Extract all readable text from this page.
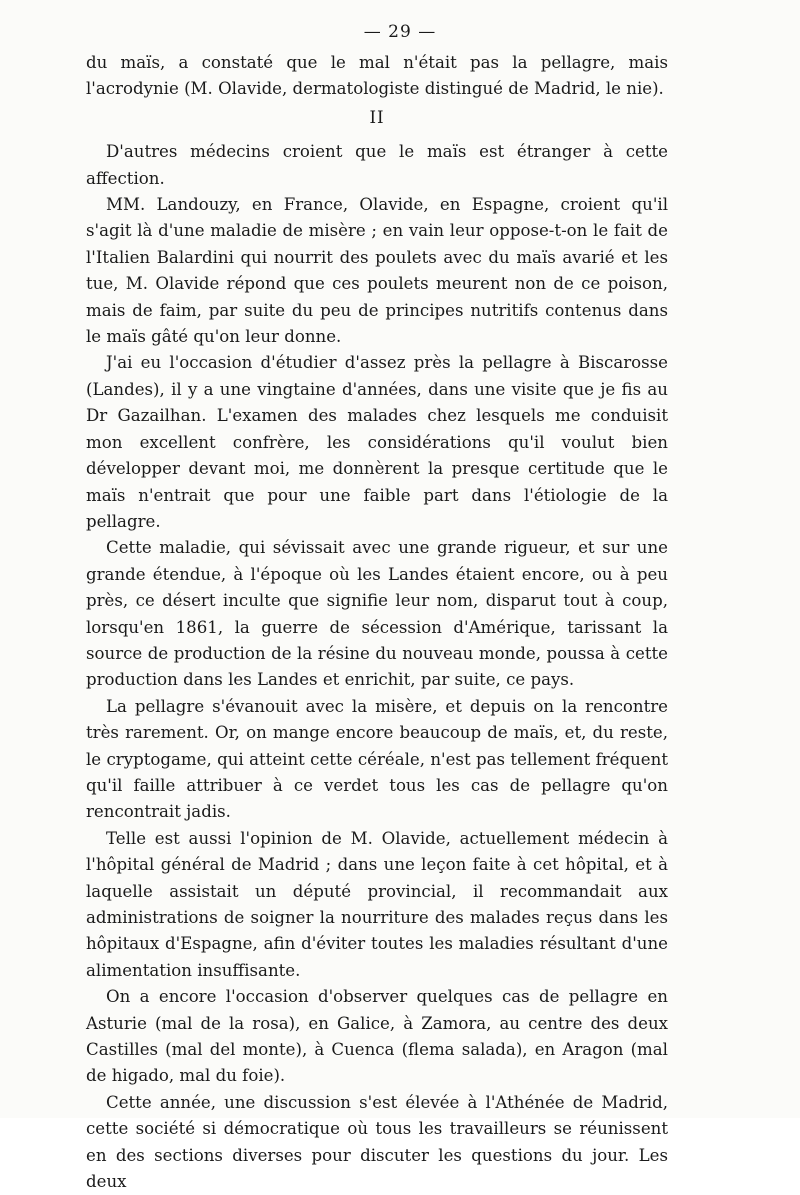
— 29 —

du maïs, a constaté que le mal n'était pas la pellagre, mais l'acrodynie (M. Olavide, dermatologiste distingué de Madrid, le nie).

II

D'autres médecins croient que le maïs est étranger à cette affection.

MM. Landouzy, en France, Olavide, en Espagne, croient qu'il s'agit là d'une maladie de misère ; en vain leur oppose-t-on le fait de l'Italien Balardini qui nourrit des poulets avec du maïs avarié et les tue, M. Olavide répond que ces poulets meurent non de ce poison, mais de faim, par suite du peu de principes nutritifs contenus dans le maïs gâté qu'on leur donne.

J'ai eu l'occasion d'étudier d'assez près la pellagre à Biscarosse (Landes), il y a une vingtaine d'années, dans une visite que je fis au Dr Gazailhan. L'examen des malades chez lesquels me conduisit mon excellent confrère, les considérations qu'il voulut bien développer devant moi, me donnèrent la presque certitude que le maïs n'entrait que pour une faible part dans l'étiologie de la pellagre.

Cette maladie, qui sévissait avec une grande rigueur, et sur une grande étendue, à l'époque où les Landes étaient encore, ou à peu près, ce désert inculte que signifie leur nom, disparut tout à coup, lorsqu'en 1861, la guerre de sécession d'Amérique, tarissant la source de production de la résine du nouveau monde, poussa à cette production dans les Landes et enrichit, par suite, ce pays.

La pellagre s'évanouit avec la misère, et depuis on la rencontre très rarement. Or, on mange encore beaucoup de maïs, et, du reste, le cryptogame, qui atteint cette céréale, n'est pas tellement fréquent qu'il faille attribuer à ce verdet tous les cas de pellagre qu'on rencontrait jadis.

Telle est aussi l'opinion de M. Olavide, actuellement médecin à l'hôpital général de Madrid ; dans une leçon faite à cet hôpital, et à laquelle assistait un député provincial, il recommandait aux administrations de soigner la nourriture des malades reçus dans les hôpitaux d'Espagne, afin d'éviter toutes les maladies résultant d'une alimentation insuffisante.

On a encore l'occasion d'observer quelques cas de pellagre en Asturie (mal de la rosa), en Galice, à Zamora, au centre des deux Castilles (mal del monte), à Cuenca (flema salada), en Aragon (mal de higado, mal du foie).

Cette année, une discussion s'est élevée à l'Athénée de Madrid, cette société si démocratique où tous les travailleurs se réunissent en des sections diverses pour discuter les questions du jour. Les deux
